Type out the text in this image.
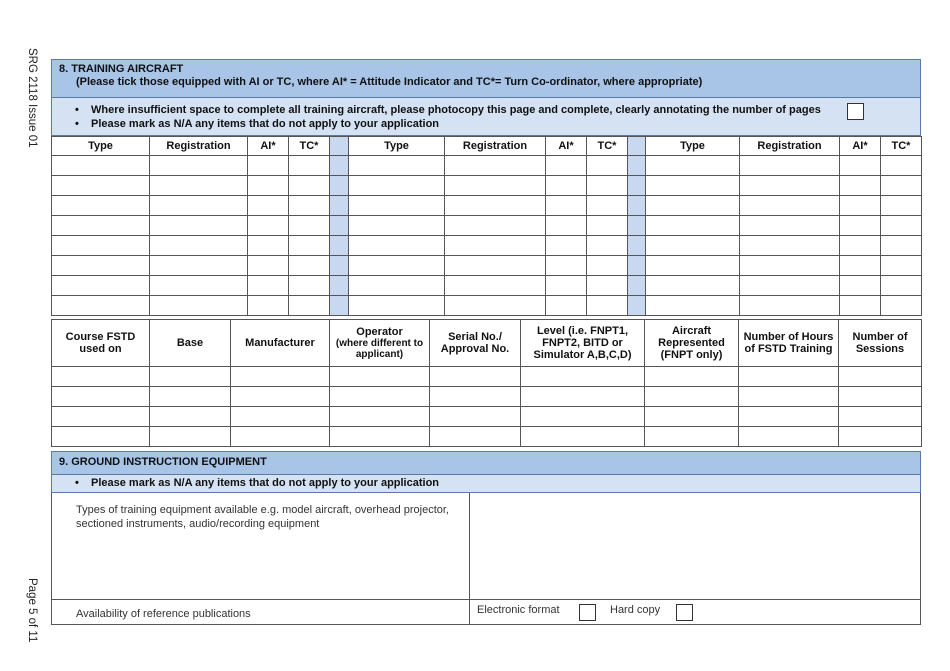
SRG 2118 Issue 01
Page 5 of 11
8. TRAINING AIRCRAFT
(Please tick those equipped with AI or TC, where AI* = Attitude Indicator and TC*= Turn Co-ordinator, where appropriate)
• Where insufficient space to complete all training aircraft, please photocopy this page and complete, clearly annotating the number of pages
• Please mark as N/A any items that do not apply to your application
Type	Registration	AI*	TC*		Type	Registration	AI*	TC*		Type	Registration	AI*	TC*

Course FSTD used on	Base	Manufacturer	Operator
(where different to applicant)	Serial No./ Approval No.	Level (i.e. FNPT1, FNPT2, BITD or Simulator A,B,C,D)	Aircraft Represented (FNPT only)	Number of Hours of FSTD Training	Number of Sessions

9. GROUND INSTRUCTION EQUIPMENT
• Please mark as N/A any items that do not apply to your application
Types of training equipment available e.g. model aircraft, overhead projector, sectioned instruments, audio/recording equipment
Availability of reference publications	Electronic format	Hard copy
